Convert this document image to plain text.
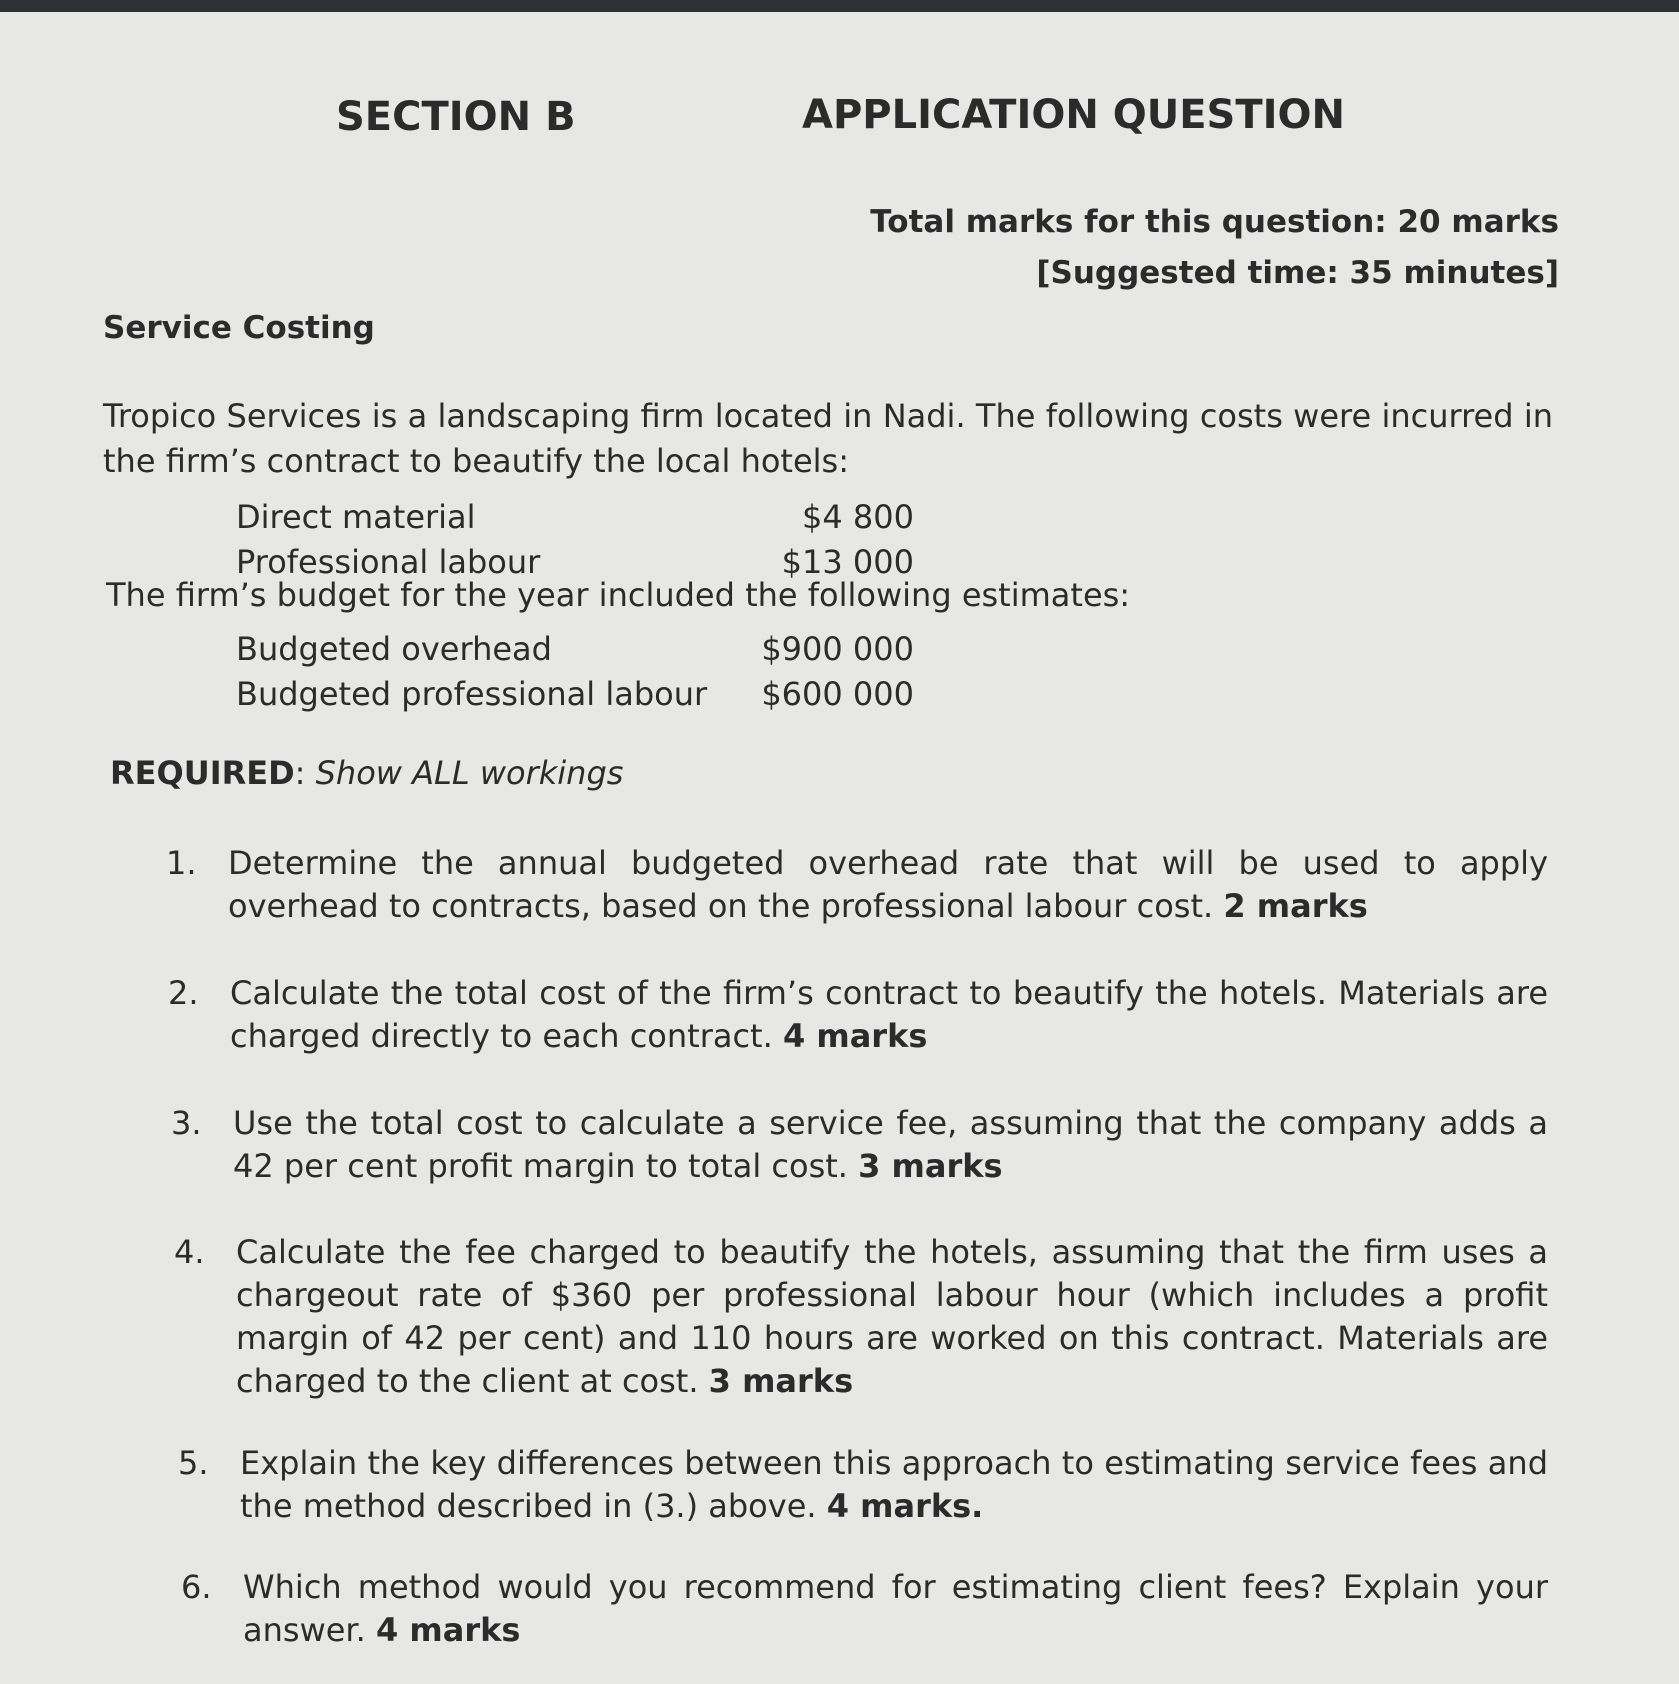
SECTION B	APPLICATION QUESTION
Total marks for this question: 20 marks
[Suggested time: 35 minutes]
Service Costing
Tropico Services is a landscaping firm located in Nadi. The following costs were incurred in the firm’s contract to beautify the local hotels:
Direct material	$4 800
Professional labour	$13 000
The firm’s budget for the year included the following estimates:
Budgeted overhead	$900 000
Budgeted professional labour	$600 000
REQUIRED: Show ALL workings
1. Determine the annual budgeted overhead rate that will be used to apply overhead to contracts, based on the professional labour cost. 2 marks
2. Calculate the total cost of the firm’s contract to beautify the hotels. Materials are charged directly to each contract. 4 marks
3. Use the total cost to calculate a service fee, assuming that the company adds a 42 per cent profit margin to total cost. 3 marks
4. Calculate the fee charged to beautify the hotels, assuming that the firm uses a chargeout rate of $360 per professional labour hour (which includes a profit margin of 42 per cent) and 110 hours are worked on this contract. Materials are charged to the client at cost. 3 marks
5. Explain the key differences between this approach to estimating service fees and the method described in (3.) above. 4 marks.
6. Which method would you recommend for estimating client fees? Explain your answer. 4 marks
